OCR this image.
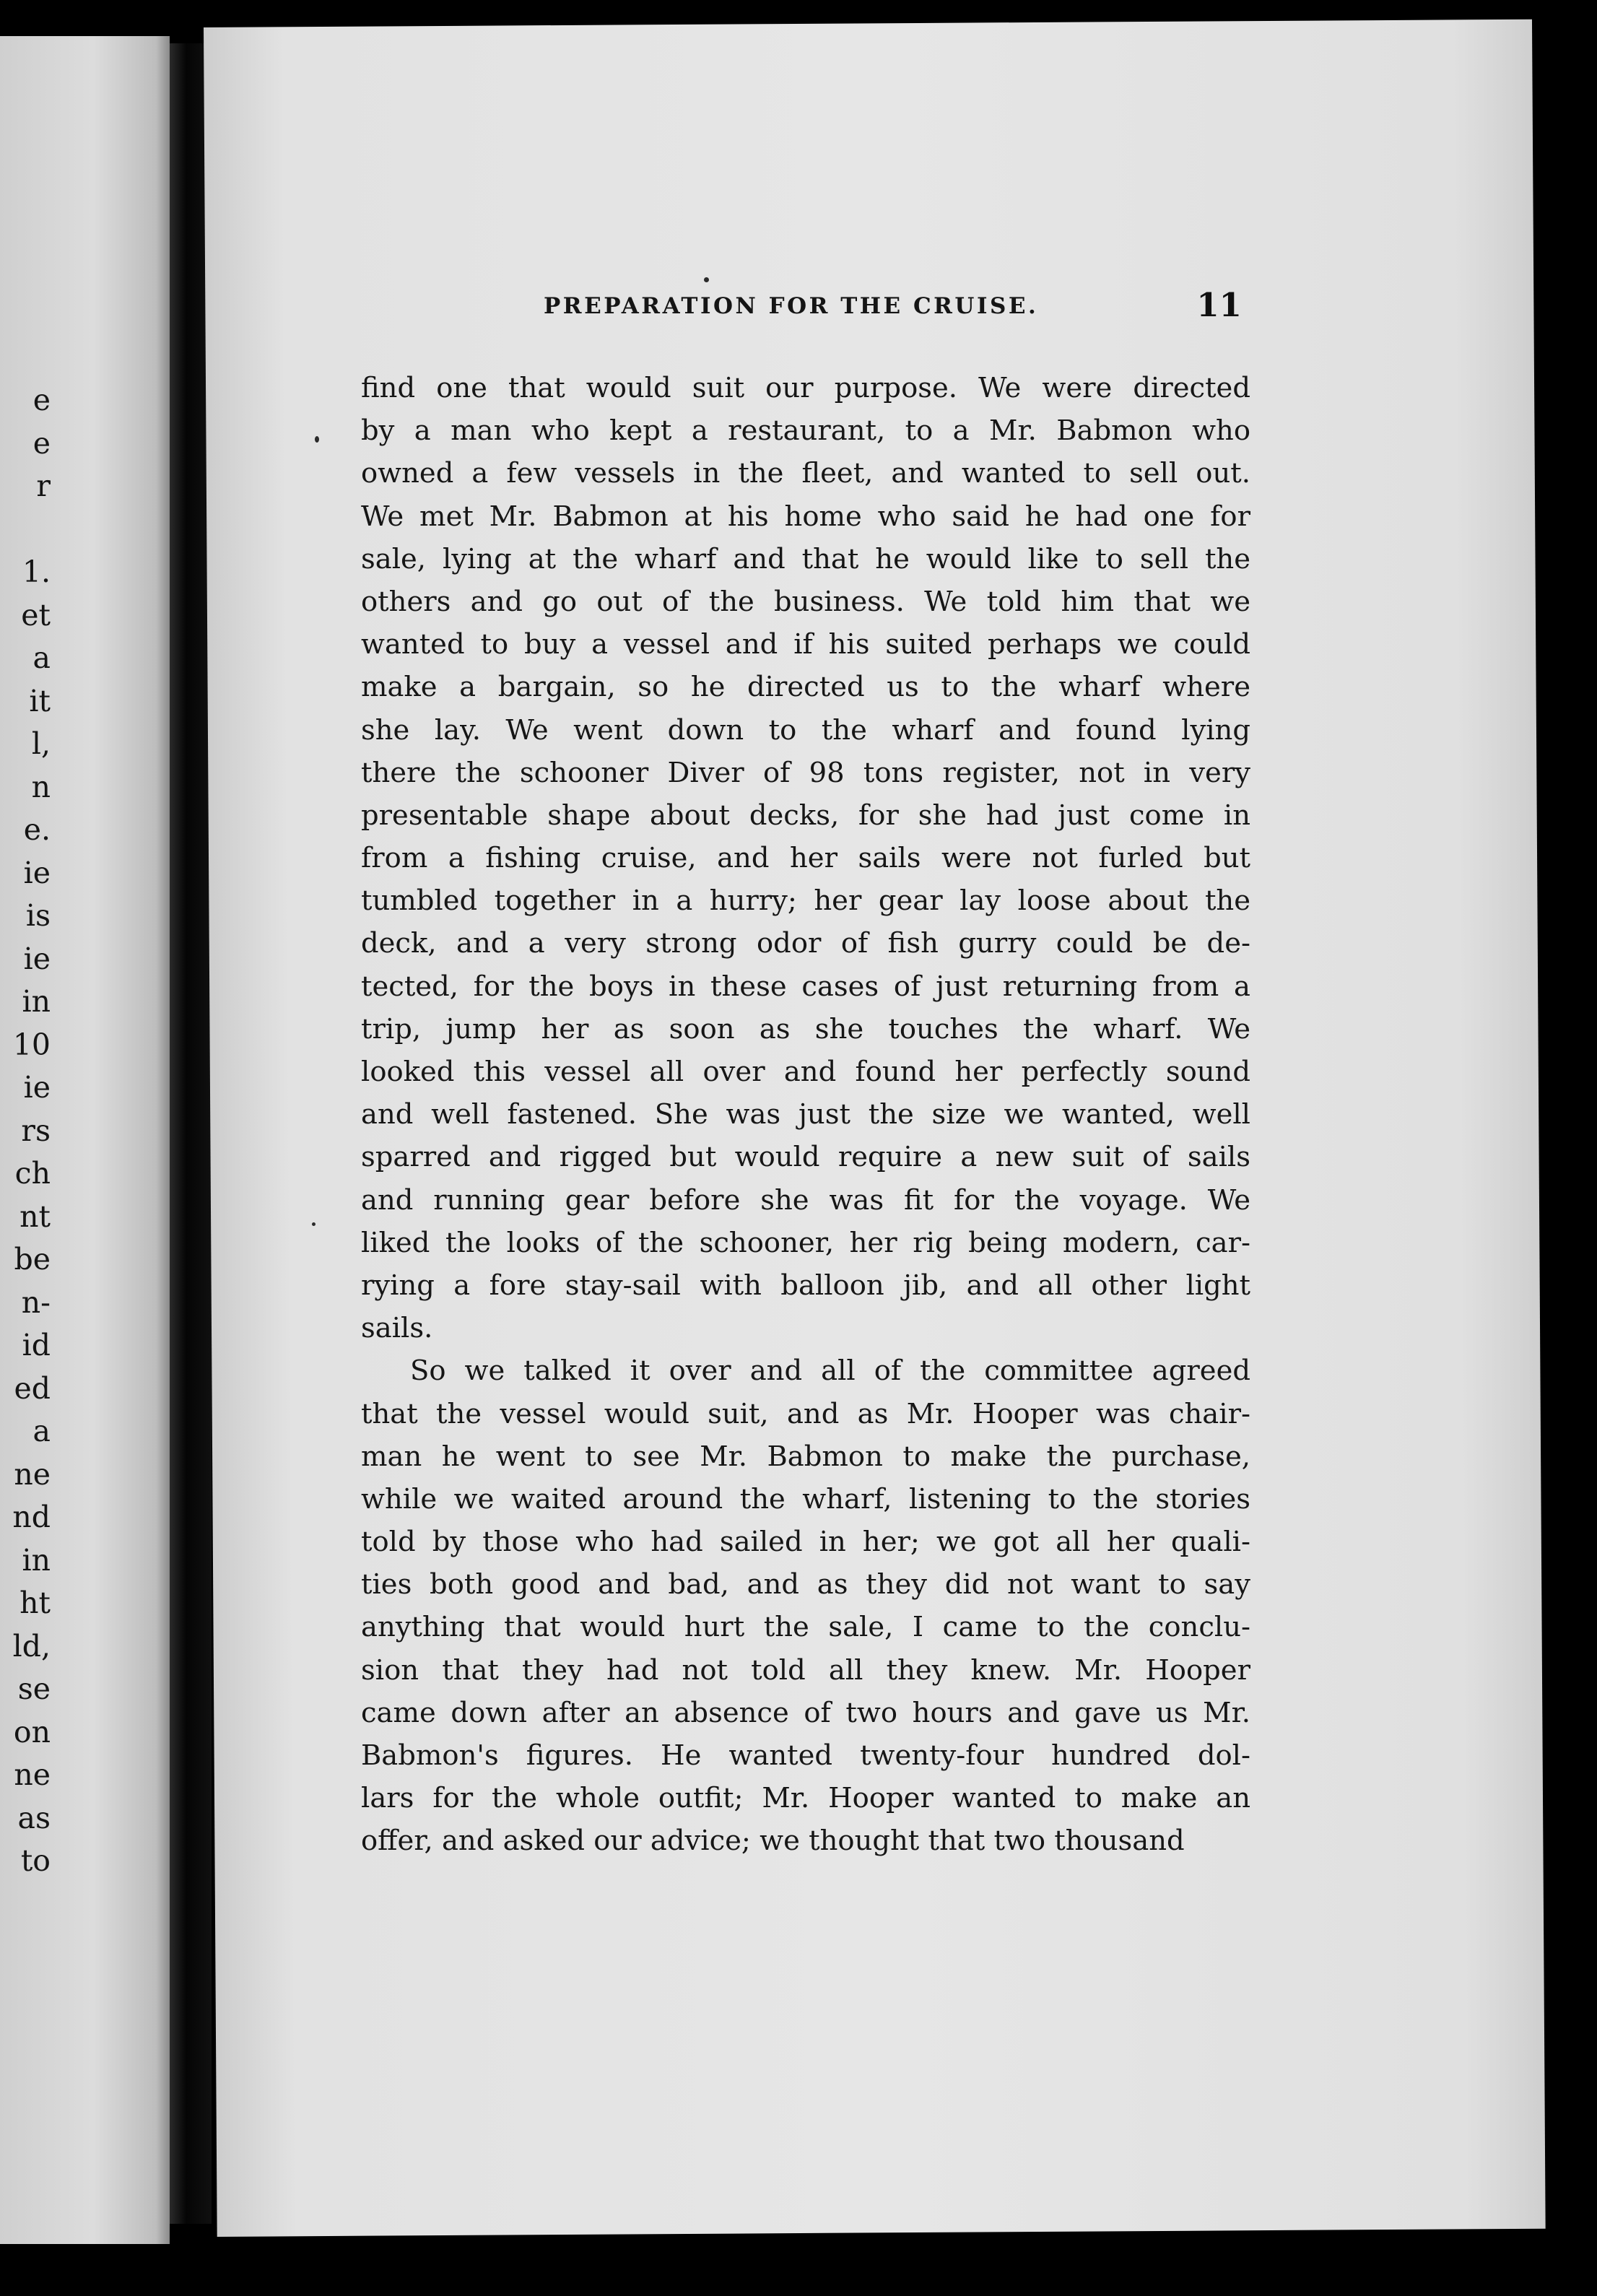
e
e
r
1.
et
a
it
l,
n
e.
ie
is
ie
in
10
ie
rs
ch
nt
be
n-
id
ed
a
ne
nd
in
ht
ld,
se
on
ne
as
to
PREPARATION FOR THE CRUISE.	11
find one that would suit our purpose. We were directed
by a man who kept a restaurant, to a Mr. Babmon who
owned a few vessels in the fleet, and wanted to sell out.
We met Mr. Babmon at his home who said he had one for
sale, lying at the wharf and that he would like to sell the
others and go out of the business. We told him that we
wanted to buy a vessel and if his suited perhaps we could
make a bargain, so he directed us to the wharf where
she lay. We went down to the wharf and found lying
there the schooner Diver of 98 tons register, not in very
presentable shape about decks, for she had just come in
from a fishing cruise, and her sails were not furled but
tumbled together in a hurry; her gear lay loose about the
deck, and a very strong odor of fish gurry could be de-
tected, for the boys in these cases of just returning from a
trip, jump her as soon as she touches the wharf. We
looked this vessel all over and found her perfectly sound
and well fastened. She was just the size we wanted, well
sparred and rigged but would require a new suit of sails
and running gear before she was fit for the voyage. We
liked the looks of the schooner, her rig being modern, car-
rying a fore stay-sail with balloon jib, and all other light
sails.
So we talked it over and all of the committee agreed
that the vessel would suit, and as Mr. Hooper was chair-
man he went to see Mr. Babmon to make the purchase,
while we waited around the wharf, listening to the stories
told by those who had sailed in her; we got all her quali-
ties both good and bad, and as they did not want to say
anything that would hurt the sale, I came to the conclu-
sion that they had not told all they knew. Mr. Hooper
came down after an absence of two hours and gave us Mr.
Babmon's figures. He wanted twenty-four hundred dol-
lars for the whole outfit; Mr. Hooper wanted to make an
offer, and asked our advice; we thought that two thousand
